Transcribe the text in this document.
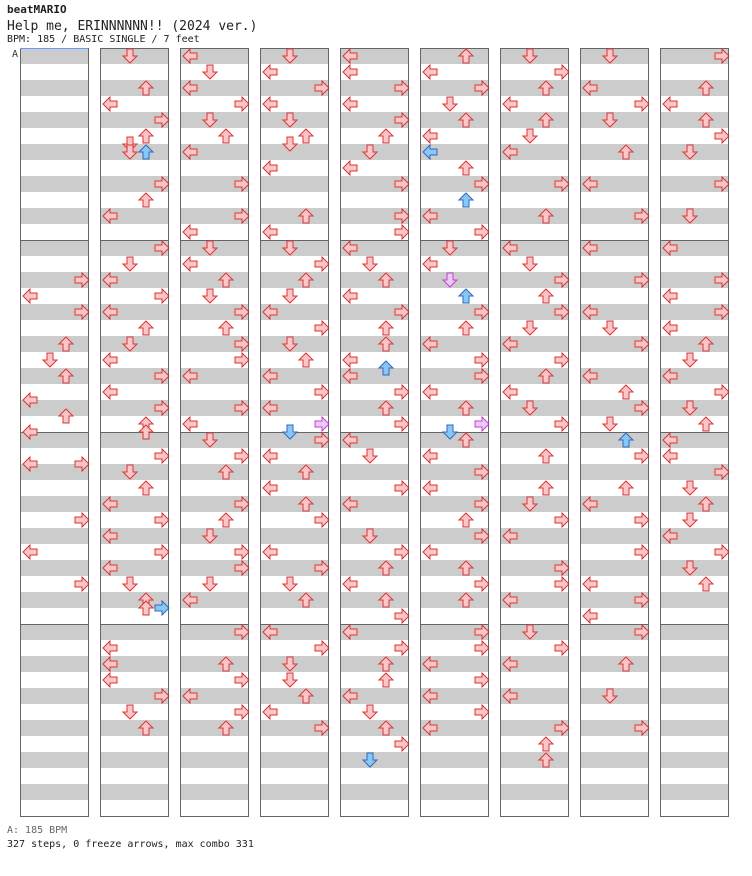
beatMARIO
Help me, ERINNNNNN!! (2024 ver.)
BPM: 185 / BASIC SINGLE / 7 feet
A
A: 185 BPM
327 steps, 0 freeze arrows, max combo 331
